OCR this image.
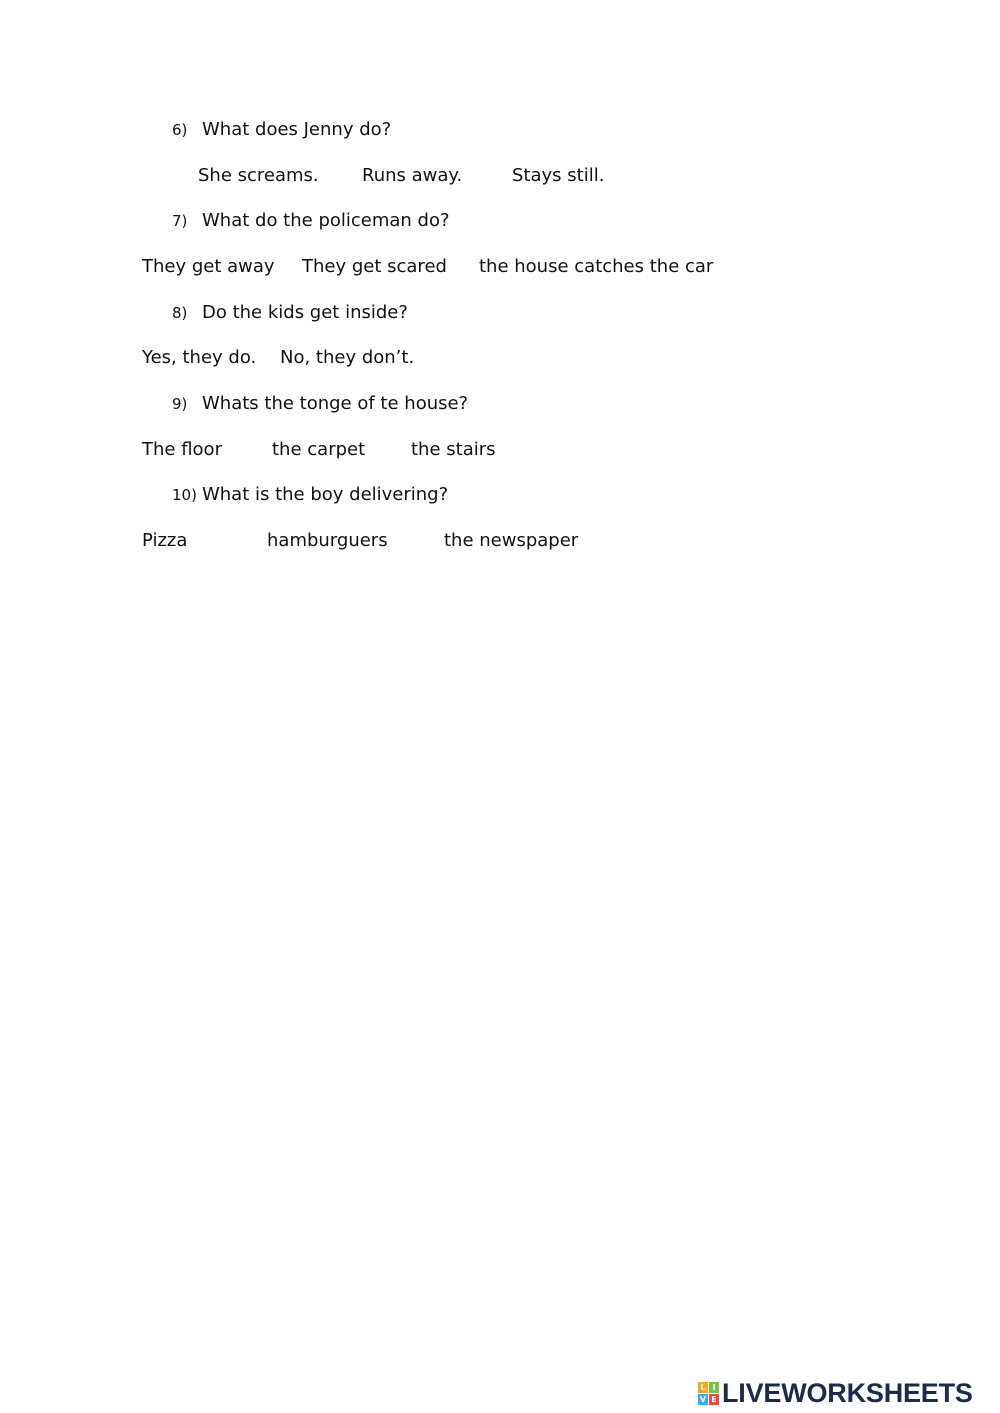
6) What does Jenny do?
She screams. Runs away.	Stays still.
7) What do the policeman do?
They get away They get scared the house catches the car
8) Do the kids get inside?
Yes, they do. No, they don’t.
9) Whats the tonge of te house?
The floor	the carpet	the stairs
10) What is the boy delivering?
Pizza	hamburguers	the newspaper
L I
V E LIVEWORKSHEETS
